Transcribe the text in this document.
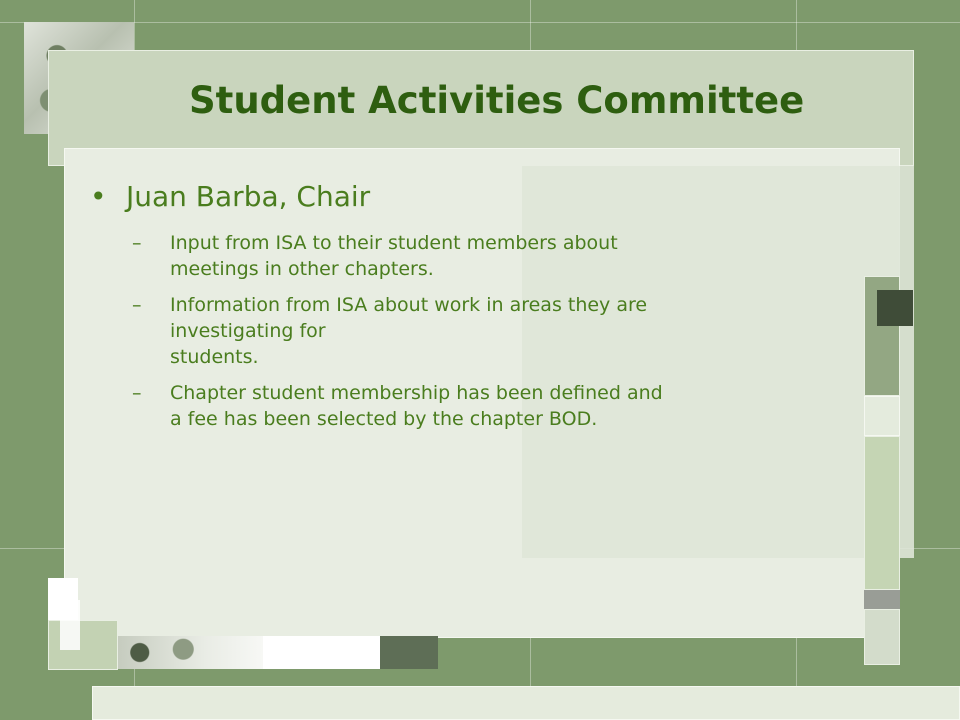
Student Activities Committee
• Juan Barba, Chair
–	Input from ISA to their student members about
meetings in other chapters.
–	Information from ISA about work in areas they are
investigating for
students.
–	Chapter student membership has been defined and
a fee has been selected by the chapter BOD.
